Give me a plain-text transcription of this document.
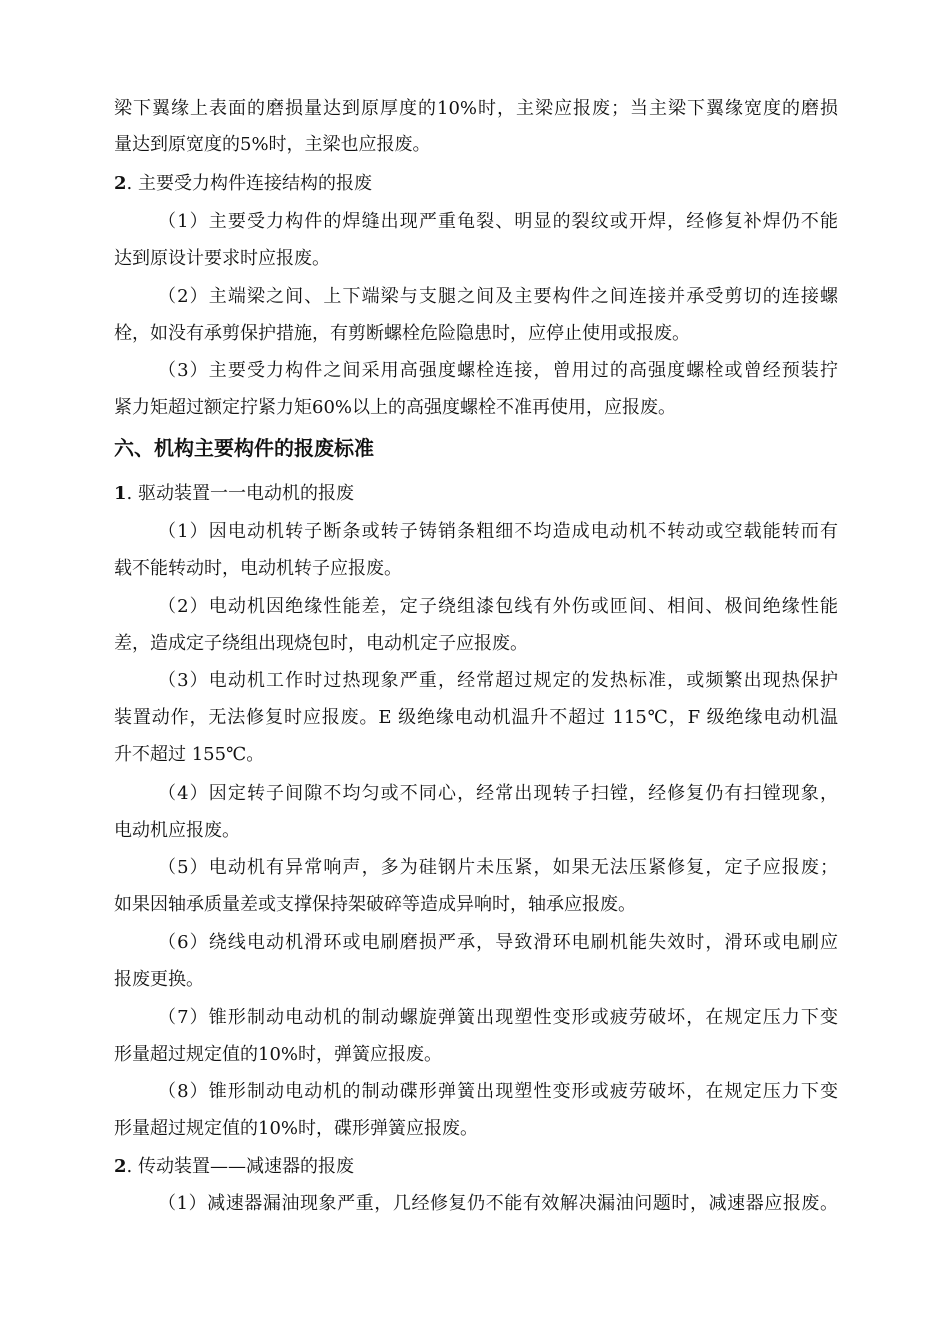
梁下翼缘上表面的磨损量达到原厚度的10%时，主梁应报废；当主梁下翼缘宽度的磨损
量达到原宽度的5%时，主梁也应报废。
2. 主要受力构件连接结构的报废
（1）主要受力构件的焊缝出现严重龟裂、明显的裂纹或开焊，经修复补焊仍不能
达到原设计要求时应报废。
（2）主端梁之间、上下端梁与支腿之间及主要构件之间连接并承受剪切的连接螺
栓，如没有承剪保护措施，有剪断螺栓危险隐患时，应停止使用或报废。
（3）主要受力构件之间采用高强度螺栓连接，曾用过的高强度螺栓或曾经预装拧
紧力矩超过额定拧紧力矩60%以上的高强度螺栓不准再使用，应报废。
六、机构主要构件的报废标准
1. 驱动装置一一电动机的报废
（1）因电动机转子断条或转子铸销条粗细不均造成电动机不转动或空载能转而有
载不能转动时，电动机转子应报废。
（2）电动机因绝缘性能差，定子绕组漆包线有外伤或匝间、相间、极间绝缘性能
差，造成定子绕组出现烧包时，电动机定子应报废。
（3）电动机工作时过热现象严重，经常超过规定的发热标准，或频繁出现热保护
装置动作，无法修复时应报废。E 级绝缘电动机温升不超过 115℃，F 级绝缘电动机温
升不超过 155℃。
（4）因定转子间隙不均匀或不同心，经常出现转子扫镗，经修复仍有扫镗现象，
电动机应报废。
（5）电动机有异常响声，多为硅钢片未压紧，如果无法压紧修复，定子应报废；
如果因轴承质量差或支撑保持架破碎等造成异响时，轴承应报废。
（6）绕线电动机滑环或电刷磨损严承，导致滑环电刷机能失效时，滑环或电刷应
报废更换。
（7）锥形制动电动机的制动螺旋弹簧出现塑性变形或疲劳破坏，在规定压力下变
形量超过规定值的10%时，弹簧应报废。
（8）锥形制动电动机的制动碟形弹簧出现塑性变形或疲劳破坏，在规定压力下变
形量超过规定值的10%时，碟形弹簧应报废。
2. 传动装置——减速器的报废
（1）减速器漏油现象严重，几经修复仍不能有效解决漏油问题时，减速器应报废。
